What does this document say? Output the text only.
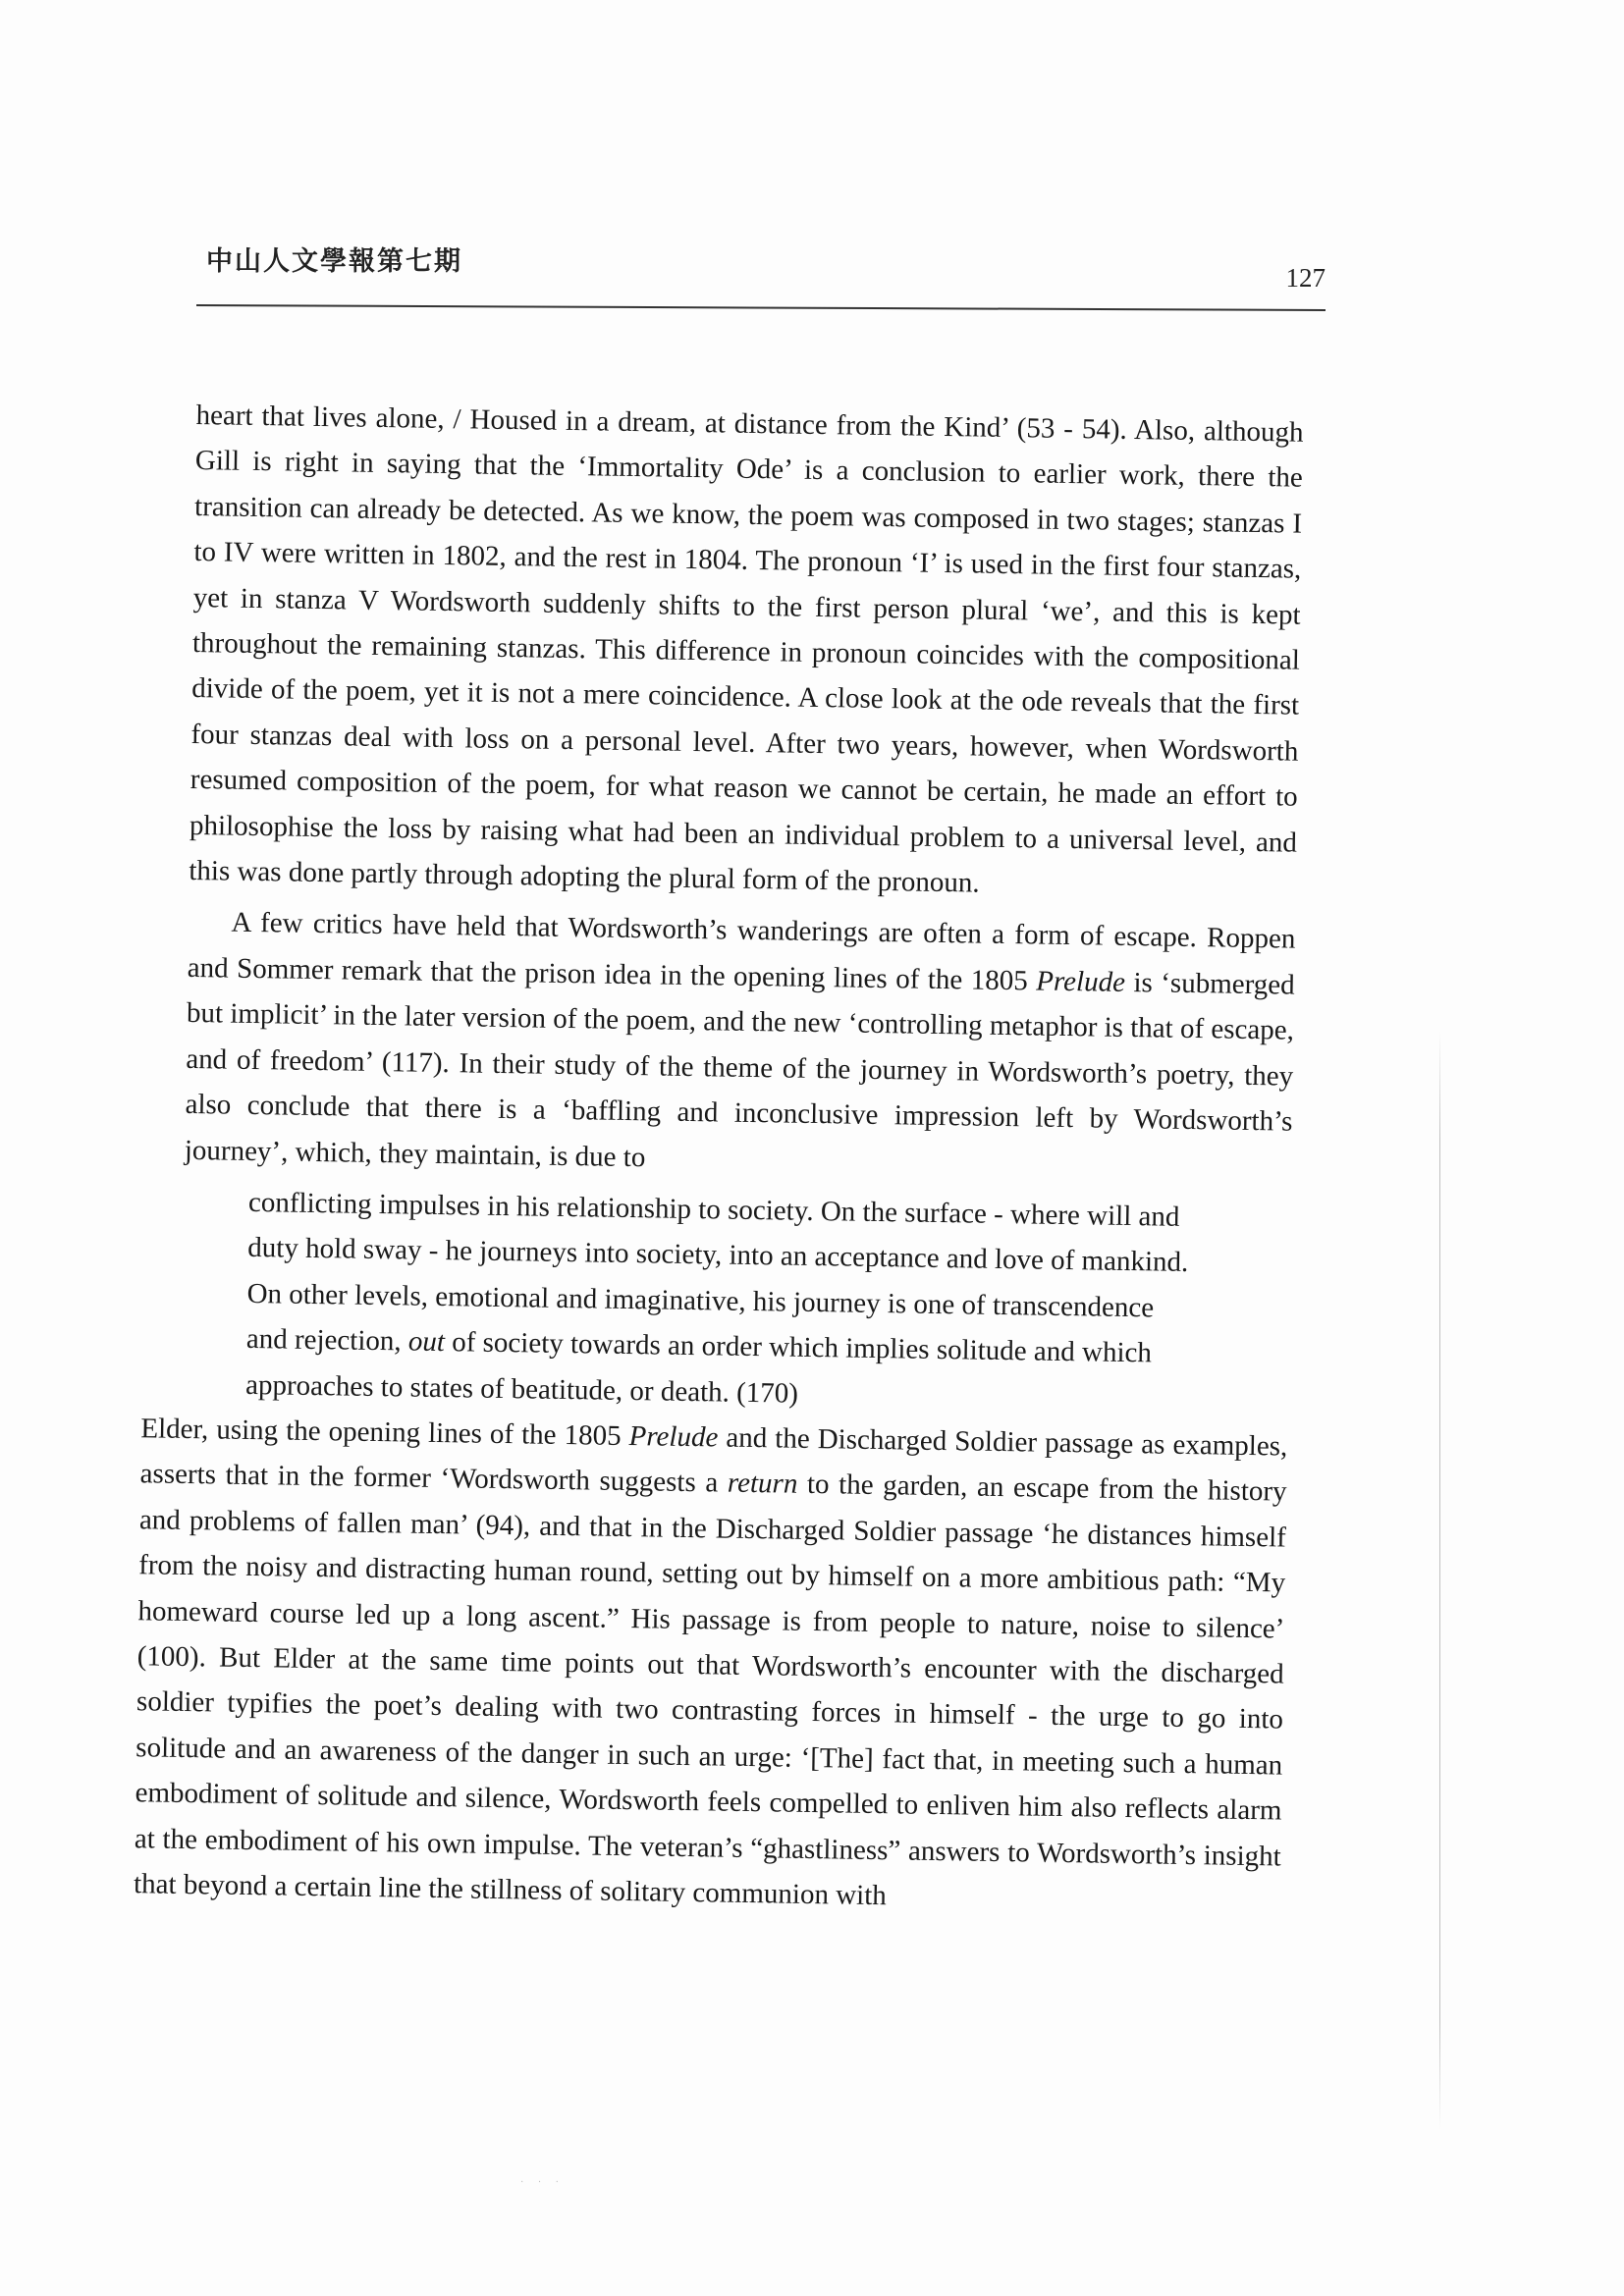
中山人文學報第七期
127

heart that lives alone, / Housed in a dream, at distance from the Kind’ (53 - 54). Also, although Gill is right in saying that the ‘Immortality Ode’ is a conclusion to earlier work, there the transition can already be detected. As we know, the poem was composed in two stages; stanzas I to IV were written in 1802, and the rest in 1804. The pronoun ‘I’ is used in the first four stanzas, yet in stanza V Wordsworth suddenly shifts to the first person plural ‘we’, and this is kept throughout the remaining stanzas. This difference in pronoun coincides with the compositional divide of the poem, yet it is not a mere coincidence. A close look at the ode reveals that the first four stanzas deal with loss on a personal level. After two years, however, when Wordsworth resumed composition of the poem, for what reason we cannot be certain, he made an effort to philosophise the loss by raising what had been an individual problem to a universal level, and this was done partly through adopting the plural form of the pronoun.

A few critics have held that Wordsworth’s wanderings are often a form of escape. Roppen and Sommer remark that the prison idea in the opening lines of the 1805 Prelude is ‘submerged but implicit’ in the later version of the poem, and the new ‘controlling metaphor is that of escape, and of freedom’ (117). In their study of the theme of the journey in Wordsworth’s poetry, they also conclude that there is a ‘baffling and inconclusive impression left by Wordsworth’s journey’, which, they maintain, is due to

conflicting impulses in his relationship to society. On the surface - where will and duty hold sway - he journeys into society, into an acceptance and love of mankind. On other levels, emotional and imaginative, his journey is one of transcendence and rejection, out of society towards an order which implies solitude and which approaches to states of beatitude, or death. (170)

Elder, using the opening lines of the 1805 Prelude and the Discharged Soldier passage as examples, asserts that in the former ‘Wordsworth suggests a return to the garden, an escape from the history and problems of fallen man’ (94), and that in the Discharged Soldier passage ‘he distances himself from the noisy and distracting human round, setting out by himself on a more ambitious path: “My homeward course led up a long ascent.” His passage is from people to nature, noise to silence’ (100). But Elder at the same time points out that Wordsworth’s encounter with the discharged soldier typifies the poet’s dealing with two contrasting forces in himself - the urge to go into solitude and an awareness of the danger in such an urge: ‘[The] fact that, in meeting such a human embodiment of solitude and silence, Wordsworth feels compelled to enliven him also reflects alarm at the embodiment of his own impulse. The veteran’s “ghastliness” answers to Wordsworth’s insight that beyond a certain line the stillness of solitary communion with

· · ·
